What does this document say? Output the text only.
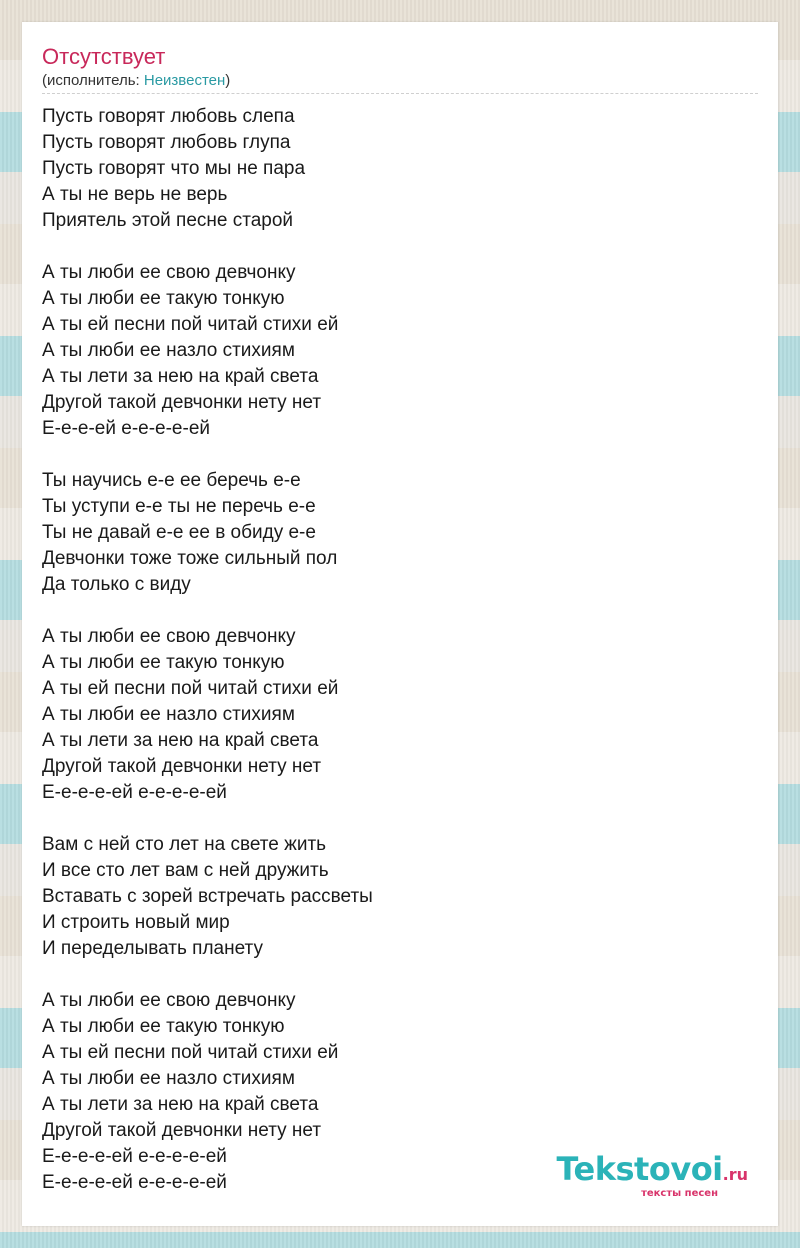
Отсутствует
(исполнитель: Неизвестен)
Пусть говорят любовь слепа
Пусть говорят любовь глупа
Пусть говорят что мы не пара
А ты не верь не верь
Приятель этой песне старой
А ты люби ее свою девчонку
А ты люби ее такую тонкую
А ты ей песни пой читай стихи ей
А ты люби ее назло стихиям
А ты лети за нею на край света
Другой такой девчонки нету нет
Е-е-е-ей е-е-е-е-ей
Ты научись е-е ее беречь е-е
Ты уступи е-е ты не перечь е-е
Ты не давай е-е ее в обиду е-е
Девчонки тоже тоже сильный пол
Да только с виду
А ты люби ее свою девчонку
А ты люби ее такую тонкую
А ты ей песни пой читай стихи ей
А ты люби ее назло стихиям
А ты лети за нею на край света
Другой такой девчонки нету нет
Е-е-е-е-ей е-е-е-е-ей
Вам с ней сто лет на свете жить
И все сто лет вам с ней дружить
Вставать с зорей встречать рассветы
И строить новый мир
И переделывать планету
А ты люби ее свою девчонку
А ты люби ее такую тонкую
А ты ей песни пой читай стихи ей
А ты люби ее назло стихиям
А ты лети за нею на край света
Другой такой девчонки нету нет
Е-е-е-е-ей е-е-е-е-ей
Е-е-е-е-ей е-е-е-е-ей	Tekstovoi.ru
тексты песен
